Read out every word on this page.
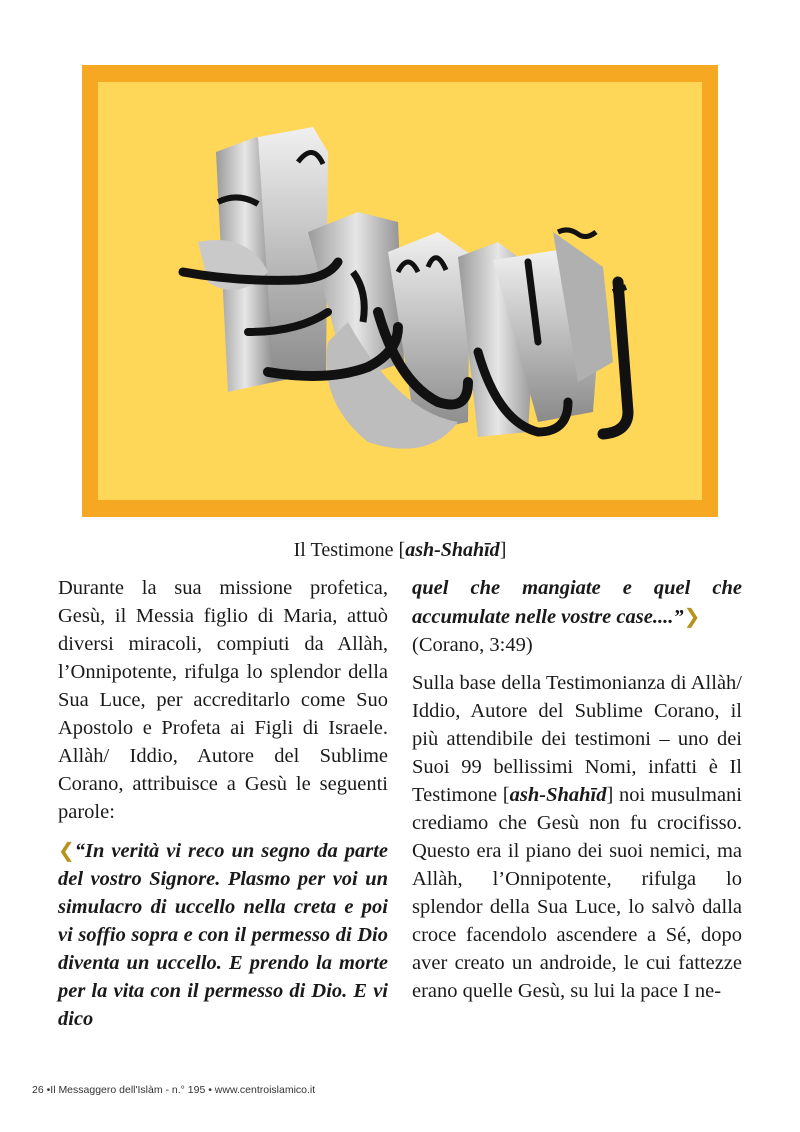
Il Testimone [ash-Shahīd]

Durante la sua missione profetica, Gesù, il Messia figlio di Maria, attuò diversi miracoli, compiuti da Allàh, l’Onnipotente, rifulga lo splendor della Sua Luce, per accreditarlo come Suo Apostolo e Profeta ai Figli di Israele. Allàh/ Iddio, Autore del Sublime Corano, attribuisce a Gesù le seguenti parole:

❮“In verità vi reco un segno da parte del vostro Signore. Plasmo per voi un simulacro di uccello nella creta e poi vi soffio sopra e con il permesso di Dio diventa un uccello. E prendo la morte per la vita con il permesso di Dio. E vi dico

quel che mangiate e quel che accumulate nelle vostre case....”❯
(Corano, 3:49)

Sulla base della Testimonianza di Allàh/ Iddio, Autore del Sublime Corano, il più attendibile dei testimoni – uno dei Suoi 99 bellissimi Nomi, infatti è Il Testimone [ash-Shahīd] noi musulmani crediamo che Gesù non fu crocifisso. Questo era il piano dei suoi nemici, ma Allàh, l’Onnipotente, rifulga lo splendor della Sua Luce, lo salvò dalla croce facendolo ascendere a Sé, dopo aver creato un androide, le cui fattezze erano quelle Gesù, su lui la pace I ne-

26 •Il Messaggero dell'Islàm - n.° 195 • www.centroislamico.it
